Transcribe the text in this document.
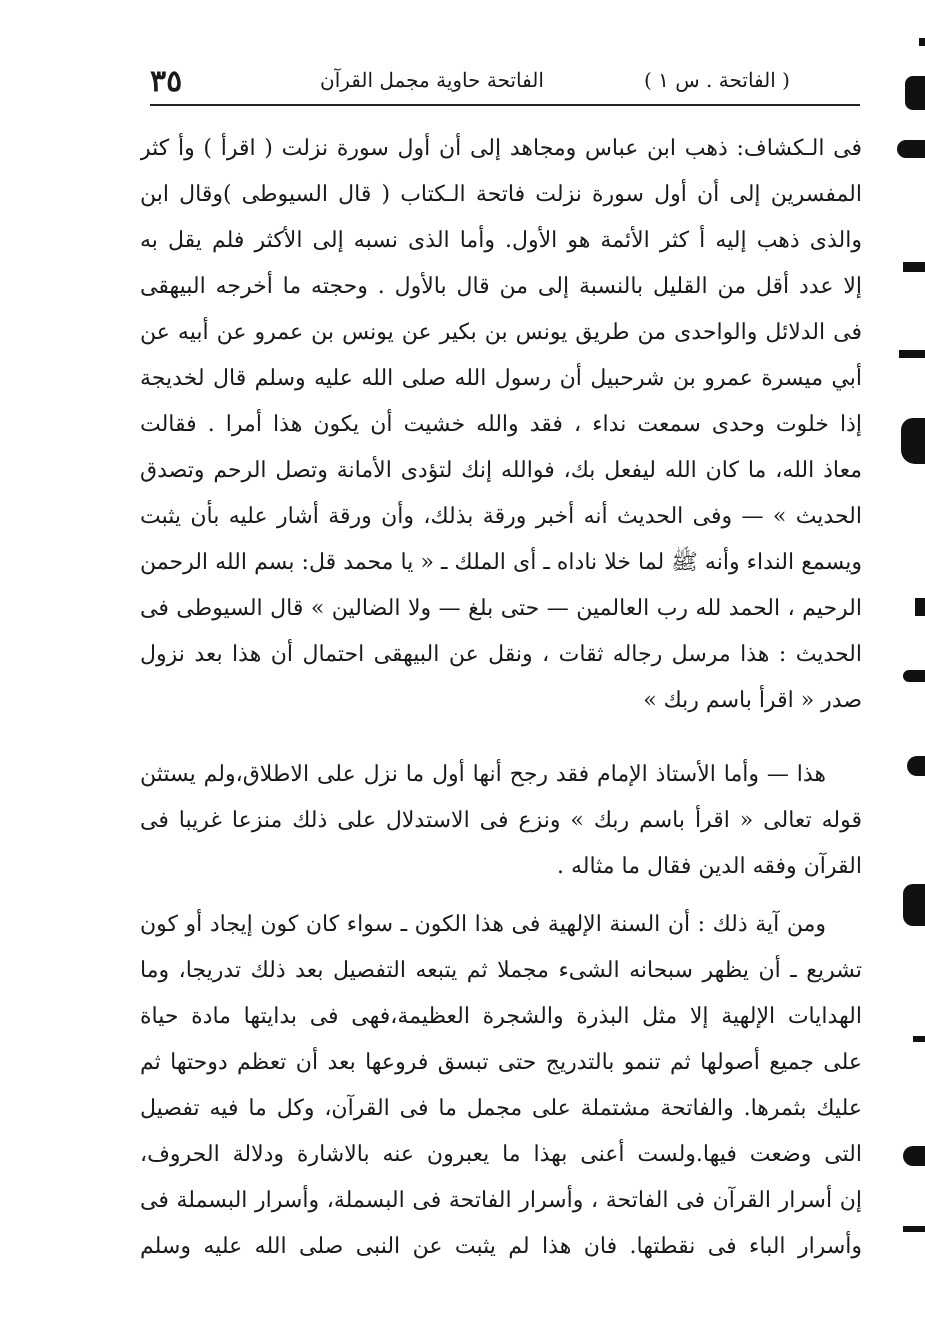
٣٥	الفاتحة حاوية مجمل القرآن	( الفاتحة . س ١ )
فى الـكشاف: ذهب ابن عباس ومجاهد إلى أن أول سورة نزلت ( اقرأ ) وأ كثر
المفسرين إلى أن أول سورة نزلت فاتحة الـكتاب ( قال السيوطى )وقال ابن
والذى ذهب إليه أ كثر الأئمة هو الأول. وأما الذى نسبه إلى الأكثر فلم يقل به
إلا عدد أقل من القليل بالنسبة إلى من قال بالأول . وحجته ما أخرجه البيهقى
فى الدلائل والواحدى من طريق يونس بن بكير عن يونس بن عمرو عن أبيه عن
أبي ميسرة عمرو بن شرحبيل أن رسول الله صلى الله عليه وسلم قال لخديجة
إذا خلوت وحدى سمعت نداء ، فقد والله خشيت أن يكون هذا أمرا . فقالت
معاذ الله، ما كان الله ليفعل بك، فوالله إنك لتؤدى الأمانة وتصل الرحم وتصدق
الحديث » — وفى الحديث أنه أخبر ورقة بذلك، وأن ورقة أشار عليه بأن يثبت
ويسمع النداء وأنه ﷺ لما خلا ناداه ـ أى الملك ـ « يا محمد قل: بسم الله الرحمن
الرحيم ، الحمد لله رب العالمين — حتى بلغ — ولا الضالين » قال السيوطى فى
الحديث : هذا مرسل رجاله ثقات ، ونقل عن البيهقى احتمال أن هذا بعد نزول
صدر « اقرأ باسم ربك »
هذا — وأما الأستاذ الإمام فقد رجح أنها أول ما نزل على الاطلاق،ولم يستثن
قوله تعالى « اقرأ باسم ربك » ونزع فى الاستدلال على ذلك منزعا غريبا فى
القرآن وفقه الدين فقال ما مثاله .
ومن آية ذلك : أن السنة الإلهية فى هذا الكون ـ سواء كان كون إيجاد أو كون
تشريع ـ أن يظهر سبحانه الشىء مجملا ثم يتبعه التفصيل بعد ذلك تدريجا، وما
الهدايات الإلهية إلا مثل البذرة والشجرة العظيمة،فهى فى بدايتها مادة حياة
على جميع أصولها ثم تنمو بالتدريج حتى تبسق فروعها بعد أن تعظم دوحتها ثم
عليك بثمرها. والفاتحة مشتملة على مجمل ما فى القرآن، وكل ما فيه تفصيل
التى وضعت فيها.ولست أعنى بهذا ما يعبرون عنه بالاشارة ودلالة الحروف،
إن أسرار القرآن فى الفاتحة ، وأسرار الفاتحة فى البسملة، وأسرار البسملة فى
وأسرار الباء فى نقطتها. فان هذا لم يثبت عن النبى صلى الله عليه وسلم
